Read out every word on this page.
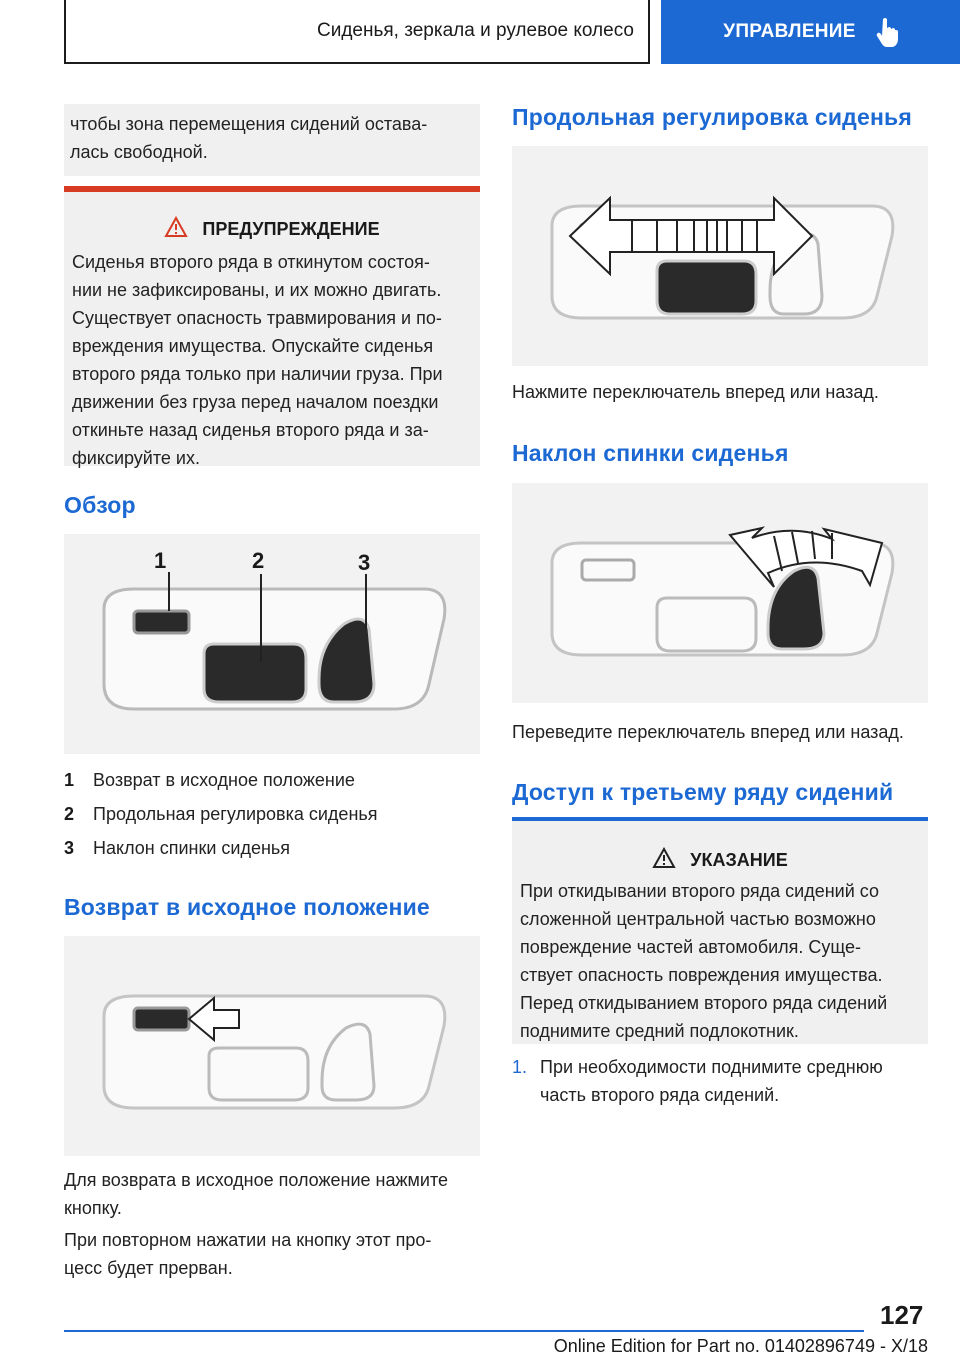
Сиденья, зеркала и рулевое колесо	УПРАВЛЕНИЕ
чтобы зона перемещения сидений остава-
лась свободной.
ПРЕДУПРЕЖДЕНИЕ
Сиденья второго ряда в откинутом состоя-
нии не зафиксированы, и их можно двигать.
Существует опасность травмирования и по-
вреждения имущества. Опускайте сиденья
второго ряда только при наличии груза. При
движении без груза перед началом поездки
откиньте назад сиденья второго ряда и за-
фиксируйте их.
Обзор
1	2	3
1	Возврат в исходное положение
2	Продольная регулировка сиденья
3	Наклон спинки сиденья
Возврат в исходное положение
Для возврата в исходное положение нажмите
кнопку.
При повторном нажатии на кнопку этот про-
цесс будет прерван.
Продольная регулировка сиденья
Нажмите переключатель вперед или назад.
Наклон спинки сиденья
Переведите переключатель вперед или назад.
Доступ к третьему ряду сидений
УКАЗАНИЕ
При откидывании второго ряда сидений со
сложенной центральной частью возможно
повреждение частей автомобиля. Суще-
ствует опасность повреждения имущества.
Перед откидыванием второго ряда сидений
поднимите средний подлокотник.
1. При необходимости поднимите среднюю
часть второго ряда сидений.
127
Online Edition for Part no. 01402896749 - X/18
